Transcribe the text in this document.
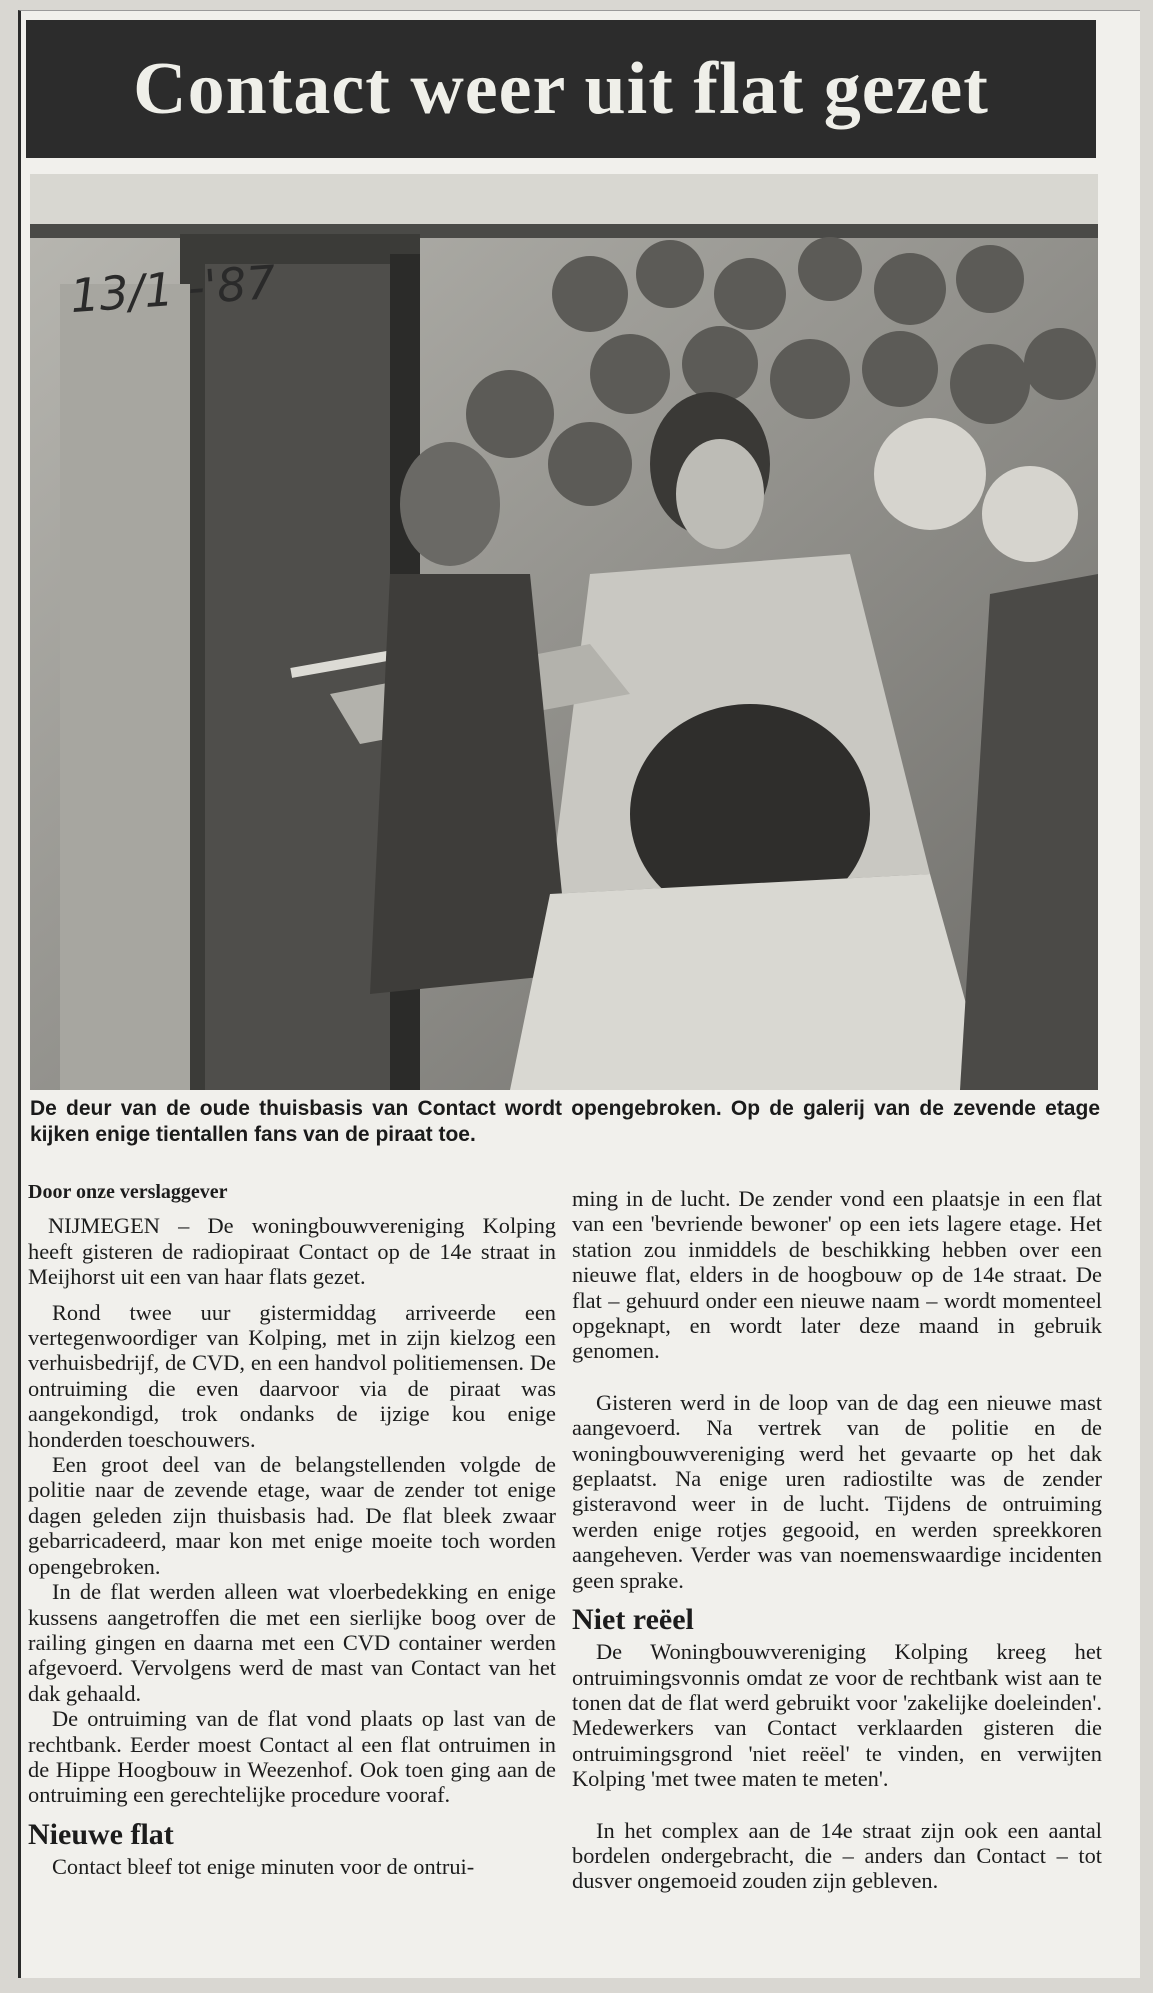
Contact weer uit flat gezet
13/1 -'87

De deur van de oude thuisbasis van Contact wordt opengebroken. Op de galerij van de zevende etage kijken enige tientallen fans van de piraat toe.

Door onze verslaggever

NIJMEGEN – De woningbouwvereniging Kolping heeft gisteren de radiopiraat Contact op de 14e straat in Meijhorst uit een van haar flats gezet.

Rond twee uur gistermiddag arriveerde een vertegenwoordiger van Kolping, met in zijn kielzog een verhuisbedrijf, de CVD, en een handvol politiemensen. De ontruiming die even daarvoor via de piraat was aangekondigd, trok ondanks de ijzige kou enige honderden toeschouwers.

Een groot deel van de belangstellenden volgde de politie naar de zevende etage, waar de zender tot enige dagen geleden zijn thuisbasis had. De flat bleek zwaar gebarricadeerd, maar kon met enige moeite toch worden opengebroken.

In de flat werden alleen wat vloerbedekking en enige kussens aangetroffen die met een sierlijke boog over de railing gingen en daarna met een CVD container werden afgevoerd. Vervolgens werd de mast van Contact van het dak gehaald.

De ontruiming van de flat vond plaats op last van de rechtbank. Eerder moest Contact al een flat ontruimen in de Hippe Hoogbouw in Weezenhof. Ook toen ging aan de ontruiming een gerechtelijke procedure vooraf.

Nieuwe flat

Contact bleef tot enige minuten voor de ontrui-

ming in de lucht. De zender vond een plaatsje in een flat van een 'bevriende bewoner' op een iets lagere etage. Het station zou inmiddels de beschikking hebben over een nieuwe flat, elders in de hoogbouw op de 14e straat. De flat – gehuurd onder een nieuwe naam – wordt momenteel opgeknapt, en wordt later deze maand in gebruik genomen.

Gisteren werd in de loop van de dag een nieuwe mast aangevoerd. Na vertrek van de politie en de woningbouwvereniging werd het gevaarte op het dak geplaatst. Na enige uren radiostilte was de zender gisteravond weer in de lucht. Tijdens de ontruiming werden enige rotjes gegooid, en werden spreekkoren aangeheven. Verder was van noemenswaardige incidenten geen sprake.

Niet reëel

De Woningbouwvereniging Kolping kreeg het ontruimingsvonnis omdat ze voor de rechtbank wist aan te tonen dat de flat werd gebruikt voor 'zakelijke doeleinden'. Medewerkers van Contact verklaarden gisteren die ontruimingsgrond 'niet reëel' te vinden, en verwijten Kolping 'met twee maten te meten'.

In het complex aan de 14e straat zijn ook een aantal bordelen ondergebracht, die – anders dan Contact – tot dusver ongemoeid zouden zijn gebleven.
